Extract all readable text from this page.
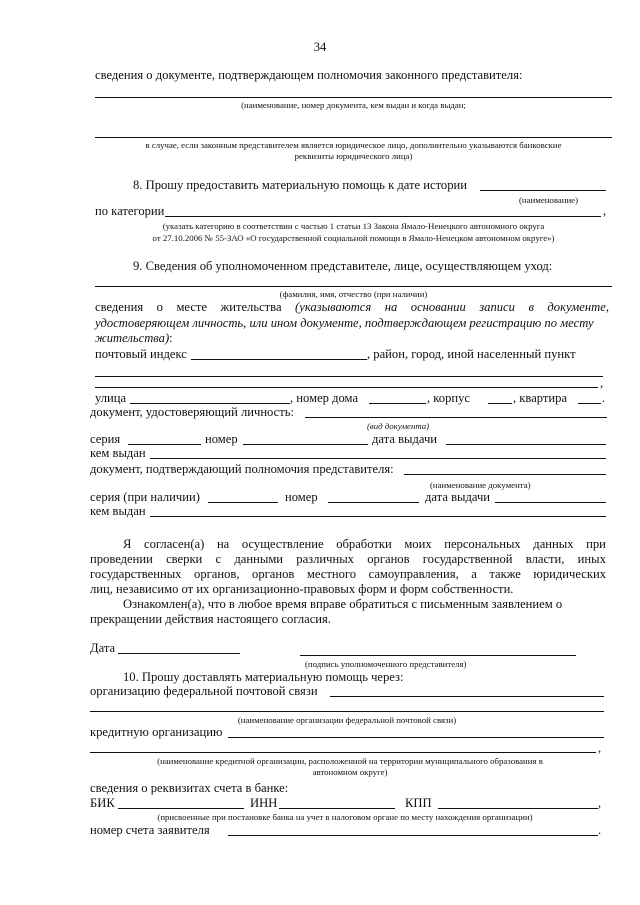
34
сведения о документе, подтверждающем полномочия законного представителя:
(наименование, номер документа, кем выдан и когда выдан;
в случае, если законным представителем является юридическое лицо, дополнительно указываются банковские
реквизиты юридического лица)
8. Прошу предоставить материальную помощь к дате истории
(наименование)
по категории	,
(указать категорию в соответствии с частью 1 статьи 13 Закона Ямало-Ненецкого автономного округа
от 27.10.2006 № 55-ЗАО «О государственной социальной помощи в Ямало-Ненецком автономном округе»)
9. Сведения об уполномоченном представителе, лице, осуществляющем уход:
(фамилия, имя, отчество (при наличии)
сведения о месте жительства (указываются на основании записи в документе,
удостоверяющем личность, или ином документе, подтверждающем регистрацию по месту
жительства):
почтовый индекс	, район, город, иной населенный пункт
,
улица	, номер дома	, корпус	, квартира	.
документ, удостоверяющий личность:
(вид документа)
серия	номер	дата выдачи
кем выдан
документ, подтверждающий полномочия представителя:
(наименование документа)
серия (при наличии)	номер	дата выдачи
кем выдан
Я согласен(а) на осуществление обработки моих персональных данных при
проведении сверки с данными различных органов государственной власти, иных
государственных органов, органов местного самоуправления, а также юридических
лиц, независимо от их организационно-правовых форм и форм собственности.
Ознакомлен(а), что в любое время вправе обратиться с письменным заявлением о
прекращении действия настоящего согласия.
Дата
(подпись уполномоченного представителя)
10. Прошу доставлять материальную помощь через:
организацию федеральной почтовой связи
(наименование организации федеральной почтовой связи)
кредитную организацию
,
(наименование кредитной организации, расположенной на территории муниципального образования в
автономном округе)
сведения о реквизитах счета в банке:
БИК	ИНН	КПП	,
(присвоенные при постановке банка на учет в налоговом органе по месту нахождения организации)
номер счета заявителя	.
